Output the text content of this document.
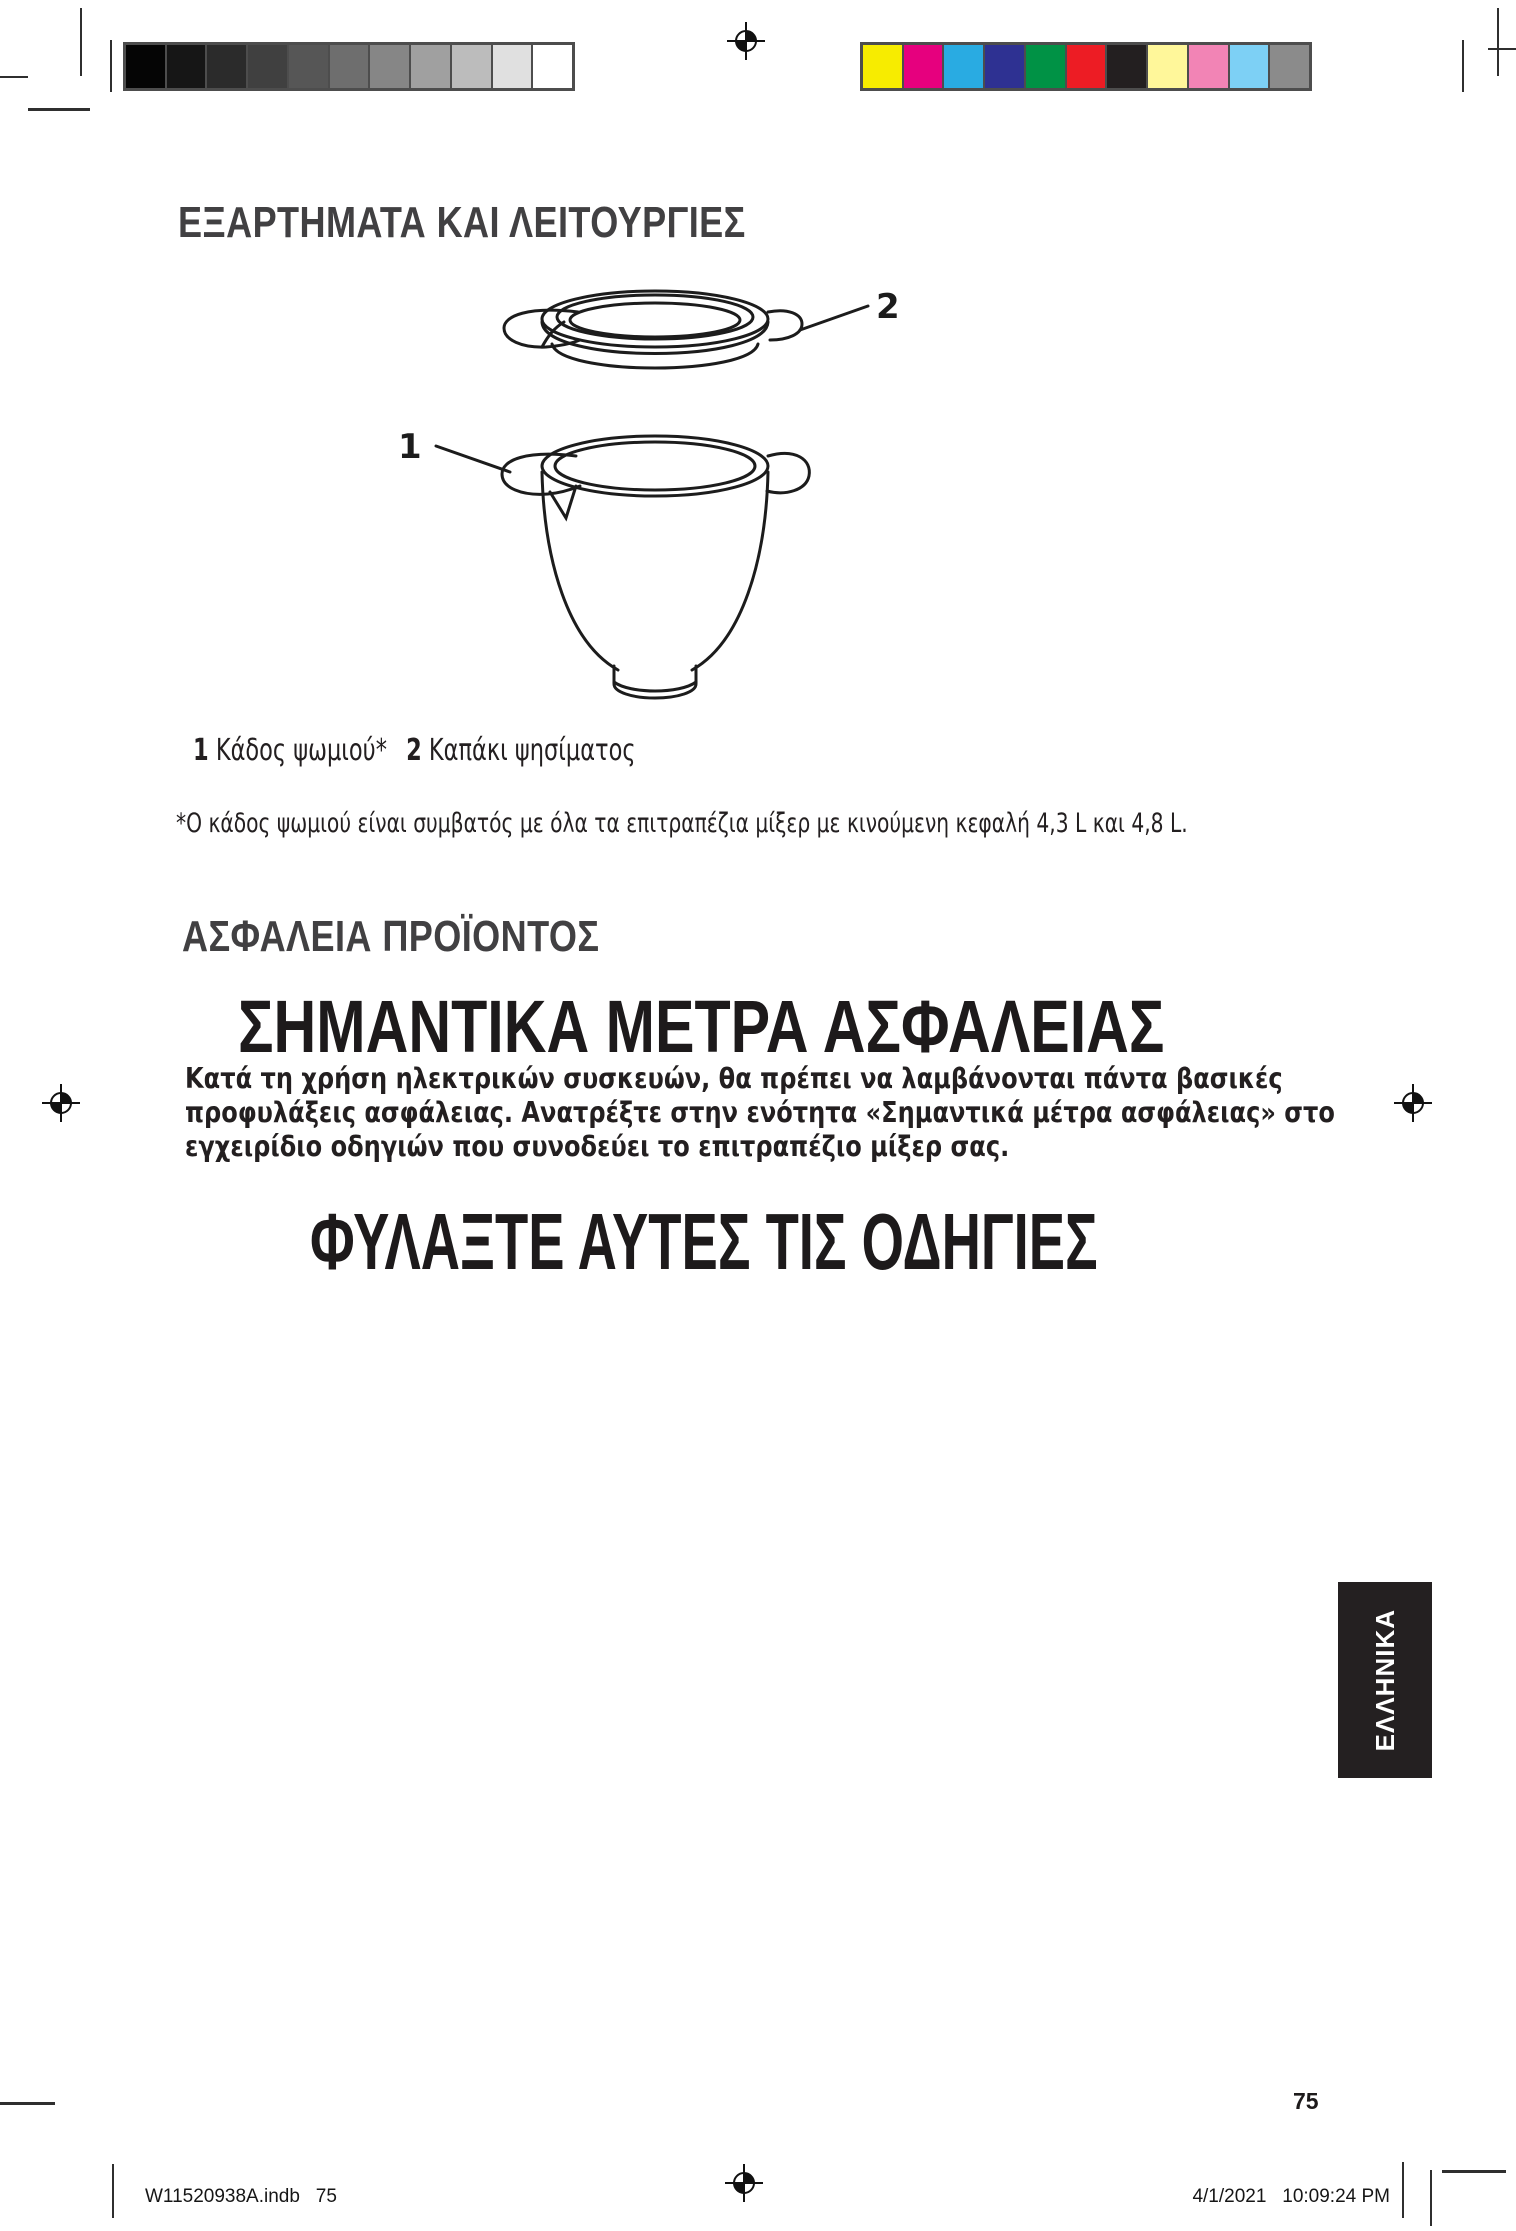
ΕΞΑΡΤΗΜΑΤΑ ΚΑΙ ΛΕΙΤΟΥΡΓΙΕΣ
2
1
1 Κάδος ψωμιού* 2 Καπάκι ψησίματος
*Ο κάδος ψωμιού είναι συμβατός με όλα τα επιτραπέζια μίξερ με κινούμενη κεφαλή 4,3 L και 4,8 L.
ΑΣΦΑΛΕΙΑ ΠΡΟΪΟΝΤΟΣ
ΣΗΜΑΝΤΙΚΑ ΜΕΤΡΑ ΑΣΦΑΛΕΙΑΣ
Κατά τη χρήση ηλεκτρικών συσκευών, θα πρέπει να λαμβάνονται πάντα βασικές
προφυλάξεις ασφάλειας. Ανατρέξτε στην ενότητα «Σημαντικά μέτρα ασφάλειας» στο
εγχειρίδιο οδηγιών που συνοδεύει το επιτραπέζιο μίξερ σας.
ΦΥΛΑΞΤΕ ΑΥΤΕΣ ΤΙΣ ΟΔΗΓΙΕΣ
ΕΛΛΗΝΙΚΑ
75
W11520938A.indb   75	4/1/2021   10:09:24 PM
